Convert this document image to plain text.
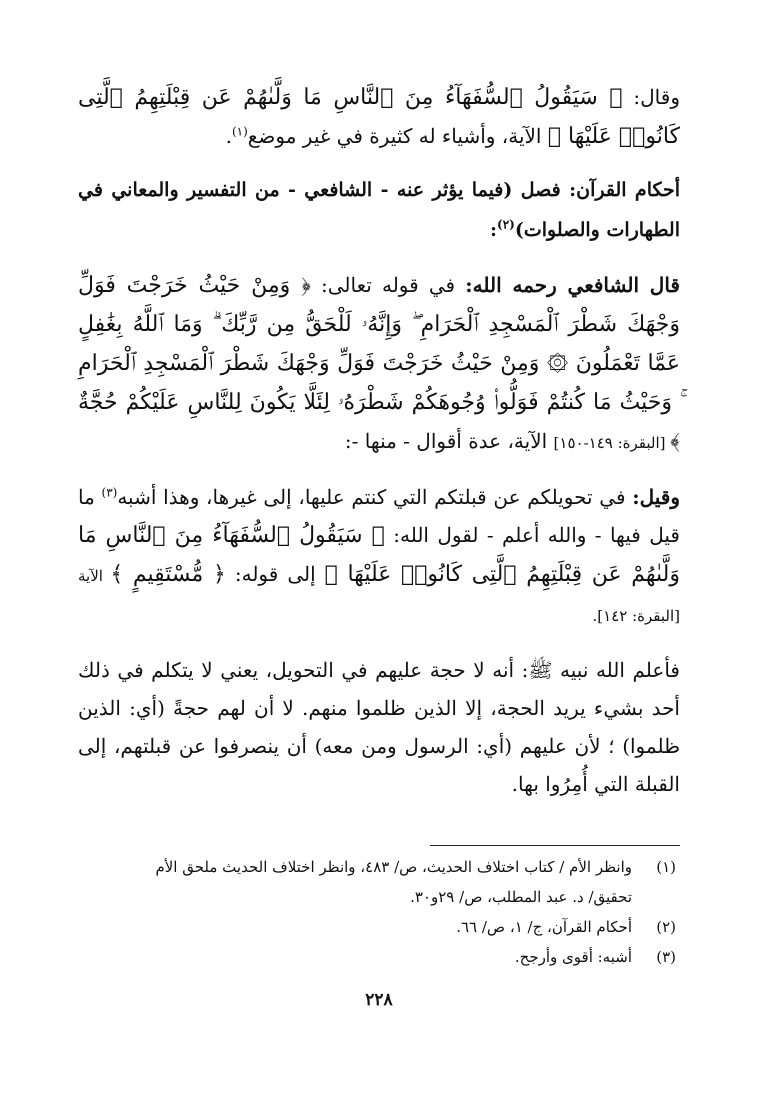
وقال: ﴿ سَيَقُولُ ٱلسُّفَهَآءُ مِنَ ٱلنَّاسِ مَا وَلَّىٰهُمْ عَن قِبْلَتِهِمُ ٱلَّتِى كَانُوا۟ عَلَيْهَا ﴾ الآية، وأشياء له كثيرة في غير موضع$^{(١)}$.

أحكام القرآن: فصل (فيما يؤثر عنه - الشافعي - من التفسير والمعاني في الطهارات والصلوات)$^{(٢)}$:

قال الشافعي رحمه الله: في قوله تعالى: ﴿ وَمِنْ حَيْثُ خَرَجْتَ فَوَلِّ وَجْهَكَ شَطْرَ ٱلْمَسْجِدِ ٱلْحَرَامِ ۖ وَإِنَّهُۥ لَلْحَقُّ مِن رَّبِّكَ ۗ وَمَا ٱللَّهُ بِغَٰفِلٍ عَمَّا تَعْمَلُونَ ۞ وَمِنْ حَيْثُ خَرَجْتَ فَوَلِّ وَجْهَكَ شَطْرَ ٱلْمَسْجِدِ ٱلْحَرَامِ ۚ وَحَيْثُ مَا كُنتُمْ فَوَلُّوا۟ وُجُوهَكُمْ شَطْرَهُۥ لِئَلَّا يَكُونَ لِلنَّاسِ عَلَيْكُمْ حُجَّةٌ ﴾ [البقرة: ١٤٩-١٥٠] الآية، عدة أقوال - منها -:

وقيل: في تحويلكم عن قبلتكم التي كنتم عليها، إلى غيرها، وهذا أشبه$^{(٣)}$ ما قيل فيها - والله أعلم - لقول الله: ﴿ سَيَقُولُ ٱلسُّفَهَآءُ مِنَ ٱلنَّاسِ مَا وَلَّىٰهُمْ عَن قِبْلَتِهِمُ ٱلَّتِى كَانُوا۟ عَلَيْهَا ﴾ إلى قوله: ﴿ مُّسْتَقِيمٍ ﴾ الآية [البقرة: ١٤٢].

فأعلم الله نبيه ﷺ: أنه لا حجة عليهم في التحويل، يعني لا يتكلم في ذلك أحد بشيء يريد الحجة، إلا الذين ظلموا منهم. لا أن لهم حجةً (أي: الذين ظلموا) ؛ لأن عليهم (أي: الرسول ومن معه) أن ينصرفوا عن قبلتهم، إلى القبلة التي أُمِرُوا بها.

(١)وانظر الأم / كتاب اختلاف الحديث، ص/ ٤٨٣، وانظر اختلاف الحديث ملحق الأم

تحقيق/ د. عبد المطلب، ص/ ٢٩و٣٠.

(٢)أحكام القرآن، ج/ ١، ص/ ٦٦.

(٣)أشبه: أقوى وأرجح.

٢٢٨
